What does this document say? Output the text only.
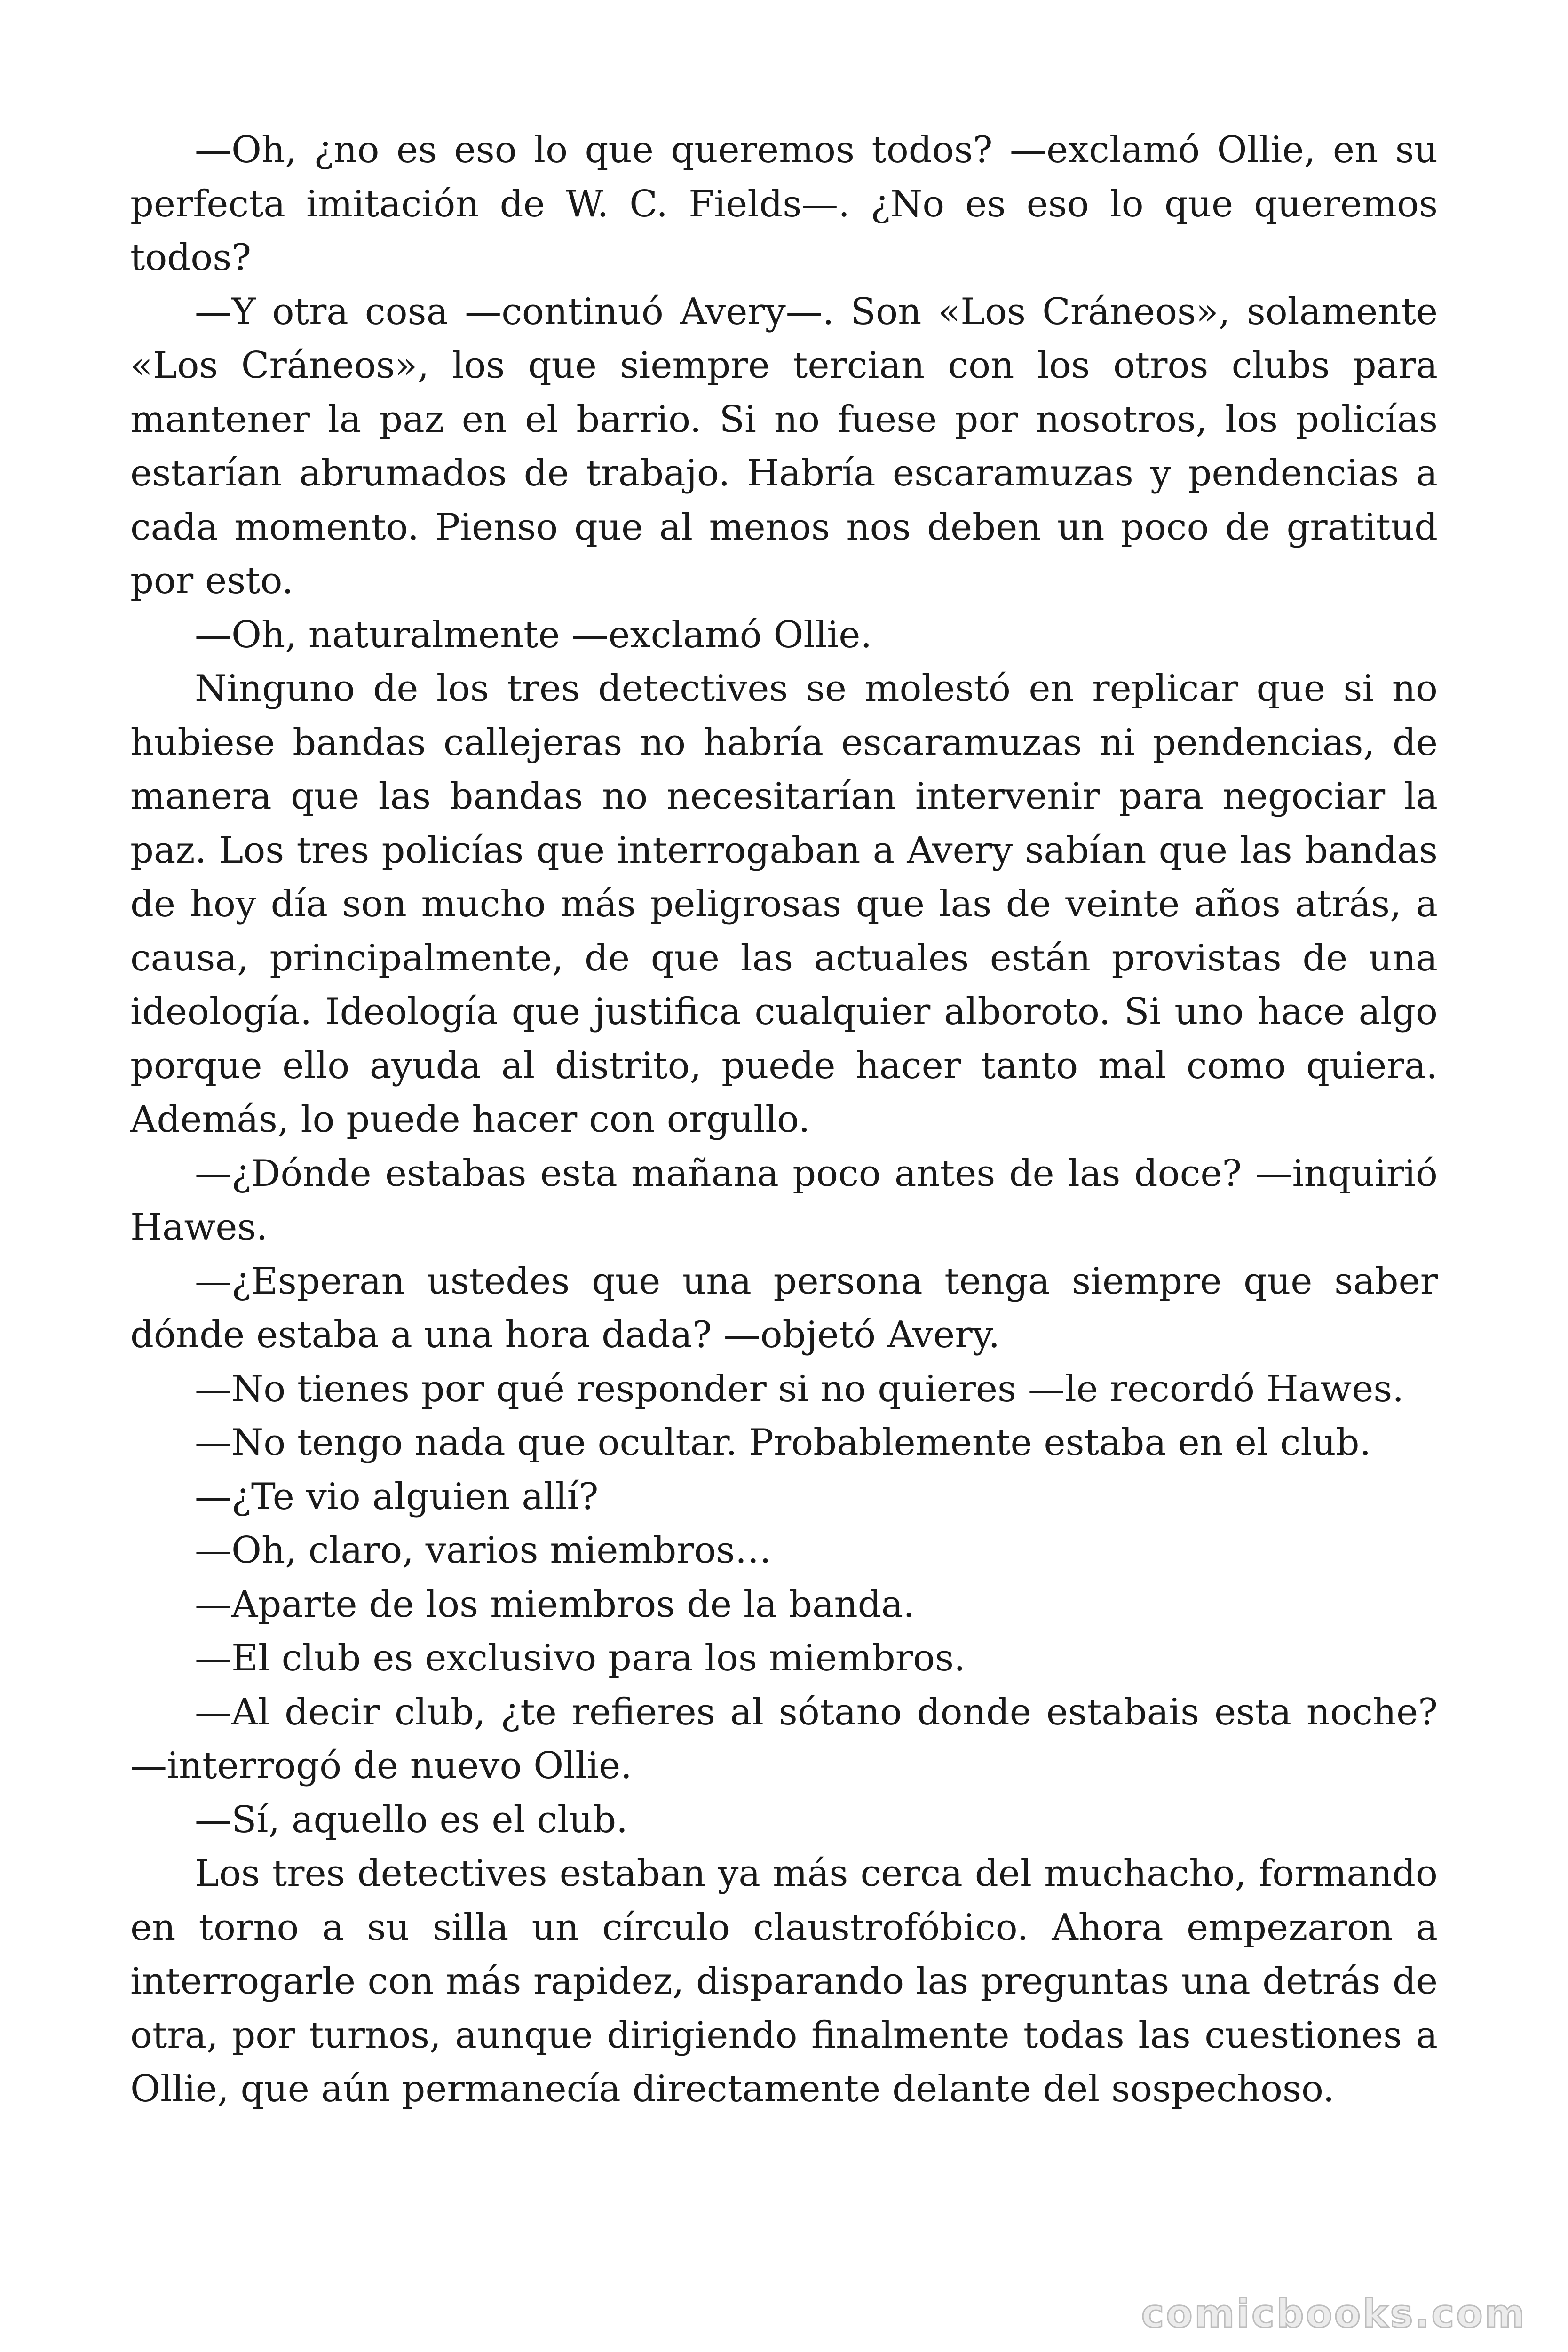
—Oh, ¿no es eso lo que queremos todos? —exclamó Ollie, en su perfecta imitación de W. C. Fields—. ¿No es eso lo que queremos todos?

—Y otra cosa —continuó Avery—. Son «Los Cráneos», solamente «Los Cráneos», los que siempre tercian con los otros clubs para mantener la paz en el barrio. Si no fuese por nosotros, los policías estarían abrumados de trabajo. Habría escaramuzas y pendencias a cada momento. Pienso que al menos nos deben un poco de gratitud por esto.

—Oh, naturalmente —exclamó Ollie.

Ninguno de los tres detectives se molestó en replicar que si no hubiese bandas callejeras no habría escaramuzas ni pendencias, de manera que las bandas no necesitarían intervenir para negociar la paz. Los tres policías que interrogaban a Avery sabían que las bandas de hoy día son mucho más peligrosas que las de veinte años atrás, a causa, principalmente, de que las actuales están provistas de una ideología. Ideología que justifica cualquier alboroto. Si uno hace algo porque ello ayuda al distrito, puede hacer tanto mal como quiera. Además, lo puede hacer con orgullo.

—¿Dónde estabas esta mañana poco antes de las doce? —inquirió Hawes.

—¿Esperan ustedes que una persona tenga siempre que saber dónde estaba a una hora dada? —objetó Avery.

—No tienes por qué responder si no quieres —le recordó Hawes.

—No tengo nada que ocultar. Probablemente estaba en el club.

—¿Te vio alguien allí?

—Oh, claro, varios miembros…

—Aparte de los miembros de la banda.

—El club es exclusivo para los miembros.

—Al decir club, ¿te refieres al sótano donde estabais esta noche? —interrogó de nuevo Ollie.

—Sí, aquello es el club.

Los tres detectives estaban ya más cerca del muchacho, formando en torno a su silla un círculo claustrofóbico. Ahora empezaron a interrogarle con más rapidez, disparando las preguntas una detrás de otra, por turnos, aunque dirigiendo finalmente todas las cuestiones a Ollie, que aún permanecía directamente delante del sospechoso.

comicbooks.com
